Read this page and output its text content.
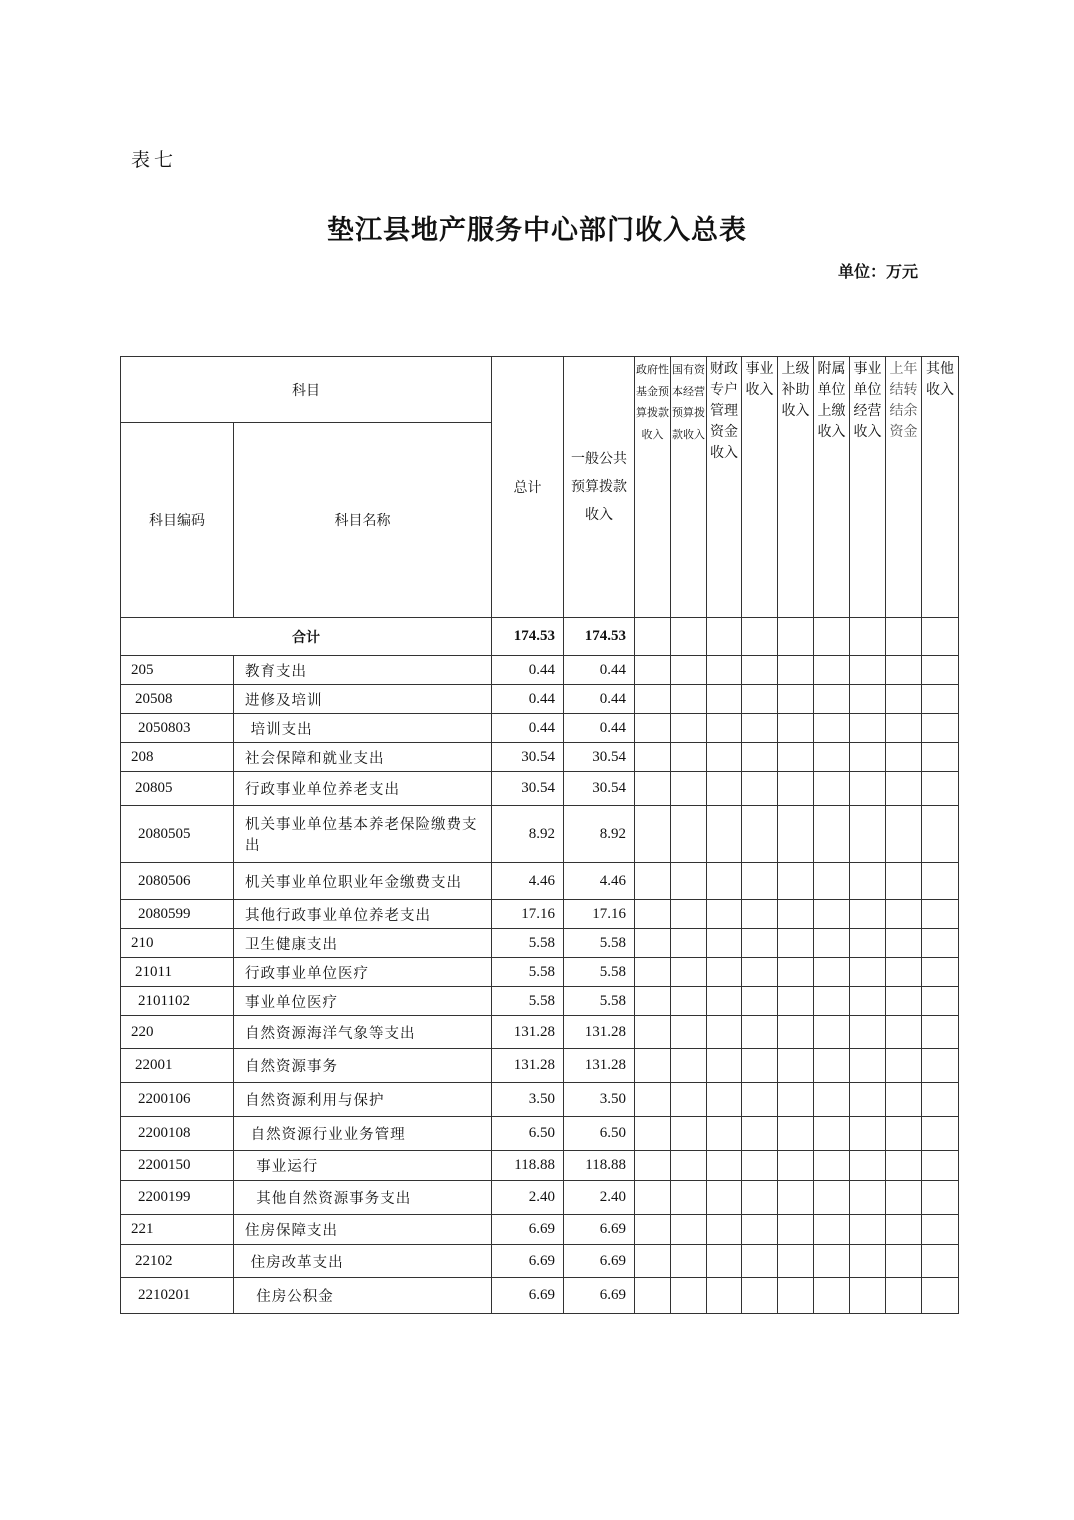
表七
垫江县地产服务中心部门收入总表
单位：万元
科目		总计	一般公共预算拨款收入	政府性基金预算拨款收入	国有资本经营预算拨款收入	财政专户管理资金收入	事业收入	上级补助收入	附属单位上缴收入	事业单位经营收入	上年结转结余资金	其他收入
科目编码	科目名称											
合计		174.53	174.53									
205	教育支出	0.44	0.44									
20508	进修及培训	0.44	0.44									
2050803	培训支出	0.44	0.44									
208	社会保障和就业支出	30.54	30.54									
20805	行政事业单位养老支出	30.54	30.54									
2080505	机关事业单位基本养老保险缴费支出	8.92	8.92									
2080506	机关事业单位职业年金缴费支出	4.46	4.46									
2080599	其他行政事业单位养老支出	17.16	17.16									
210	卫生健康支出	5.58	5.58									
21011	行政事业单位医疗	5.58	5.58									
2101102	事业单位医疗	5.58	5.58									
220	自然资源海洋气象等支出	131.28	131.28									
22001	自然资源事务	131.28	131.28									
2200106	自然资源利用与保护	3.50	3.50									
2200108	自然资源行业业务管理	6.50	6.50									
2200150	事业运行	118.88	118.88									
2200199	其他自然资源事务支出	2.40	2.40									
221	住房保障支出	6.69	6.69									
22102	住房改革支出	6.69	6.69									
2210201	住房公积金	6.69	6.69									
